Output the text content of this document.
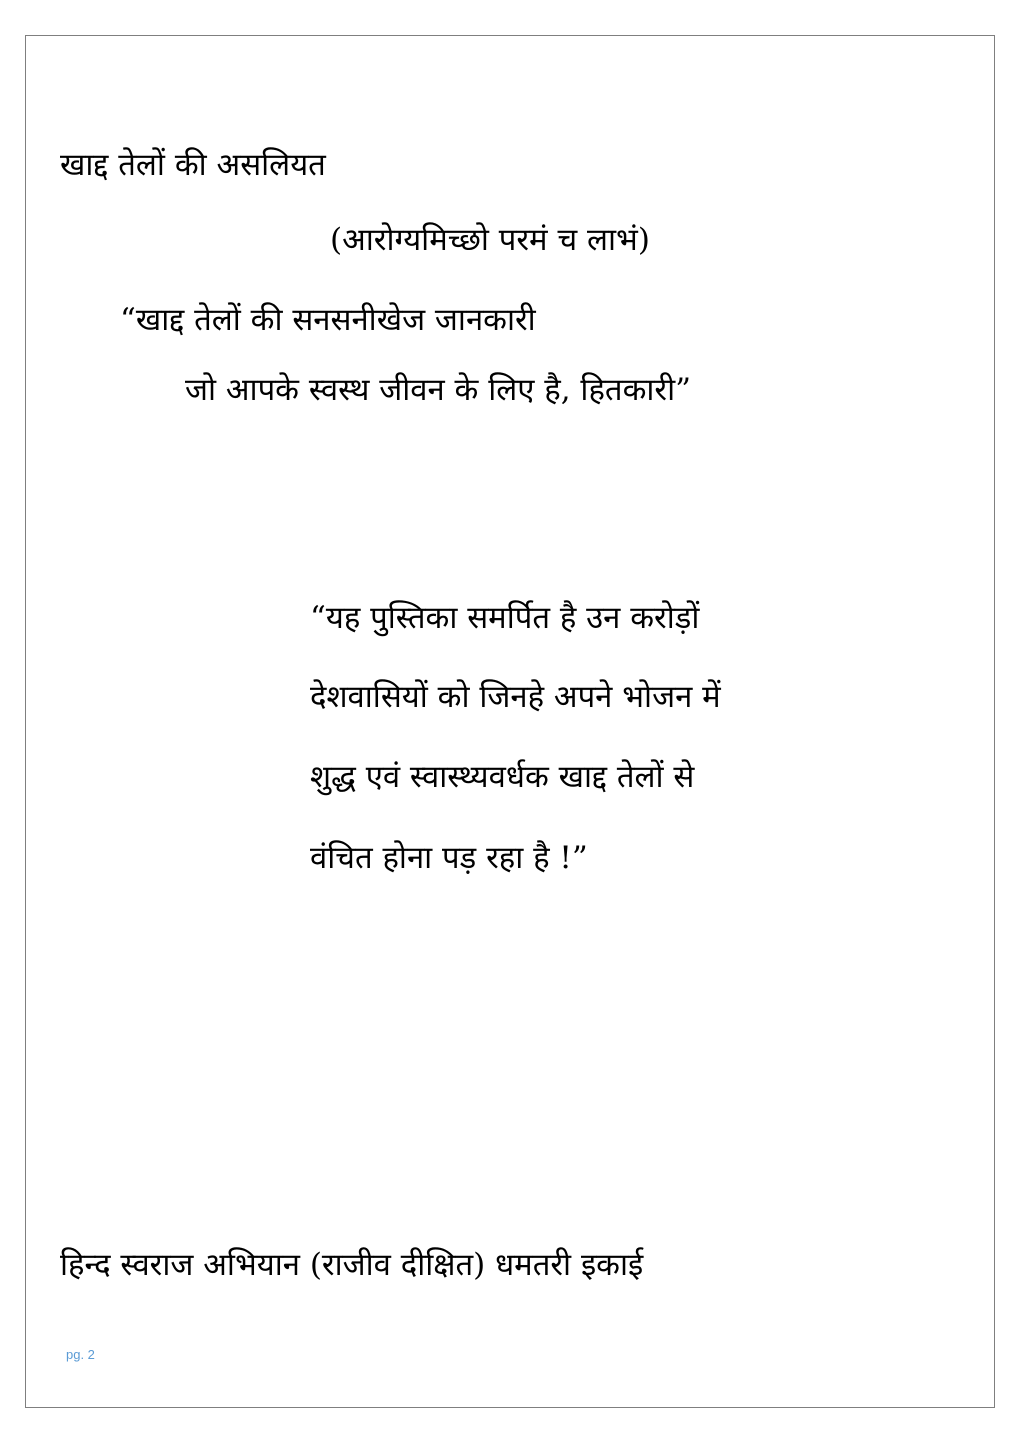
खाद्द तेलों की असलियत
(आरोग्यमिच्छो परमं च लाभं)
“खाद्द तेलों की सनसनीखेज जानकारी
जो आपके स्वस्थ जीवन के लिए है, हितकारी”
“यह पुस्तिका समर्पित है उन करोड़ों
देशवासियों को जिनहे अपने भोजन में
शुद्ध एवं स्वास्थ्यवर्धक खाद्द तेलों से
वंचित होना पड़ रहा है !”
हिन्द स्वराज अभियान (राजीव दीक्षित) धमतरी इकाई
pg. 2
